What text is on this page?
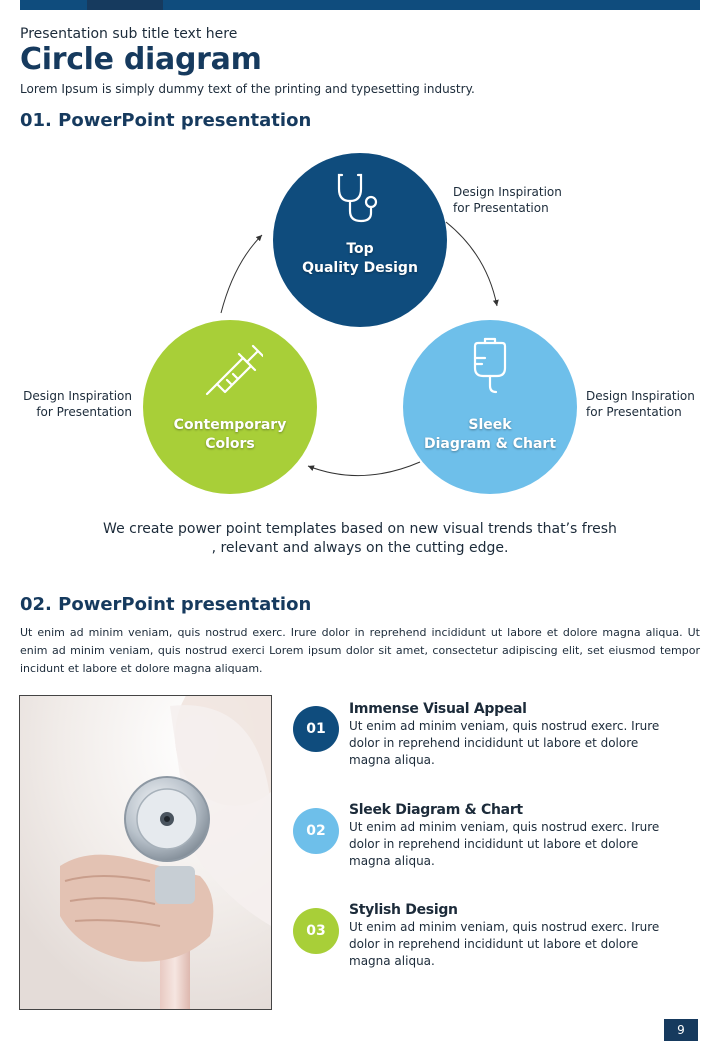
Presentation sub title text here
Circle diagram
Lorem Ipsum is simply dummy text of the printing and typesetting industry.
01. PowerPoint presentation
Top
Quality Design
Contemporary
Colors
Sleek
Diagram & Chart
Design Inspiration
for Presentation
Design Inspiration
for Presentation
Design Inspiration
for Presentation
We create power point templates based on new visual trends that’s fresh
, relevant and always on the cutting edge.
02. PowerPoint presentation
Ut enim ad minim veniam, quis nostrud exerc. Irure dolor in reprehend incididunt ut labore et dolore magna aliqua. Ut enim ad minim veniam, quis nostrud exerci Lorem ipsum dolor sit amet, consectetur adipiscing elit, set eiusmod tempor incidunt et labore et dolore magna aliquam.
01
Immense Visual Appeal
Ut enim ad minim veniam, quis nostrud exerc. Irure
dolor in reprehend incididunt ut labore et dolore
magna aliqua.
02
Sleek Diagram & Chart
Ut enim ad minim veniam, quis nostrud exerc. Irure
dolor in reprehend incididunt ut labore et dolore
magna aliqua.
03
Stylish Design
Ut enim ad minim veniam, quis nostrud exerc. Irure
dolor in reprehend incididunt ut labore et dolore
magna aliqua.
9
